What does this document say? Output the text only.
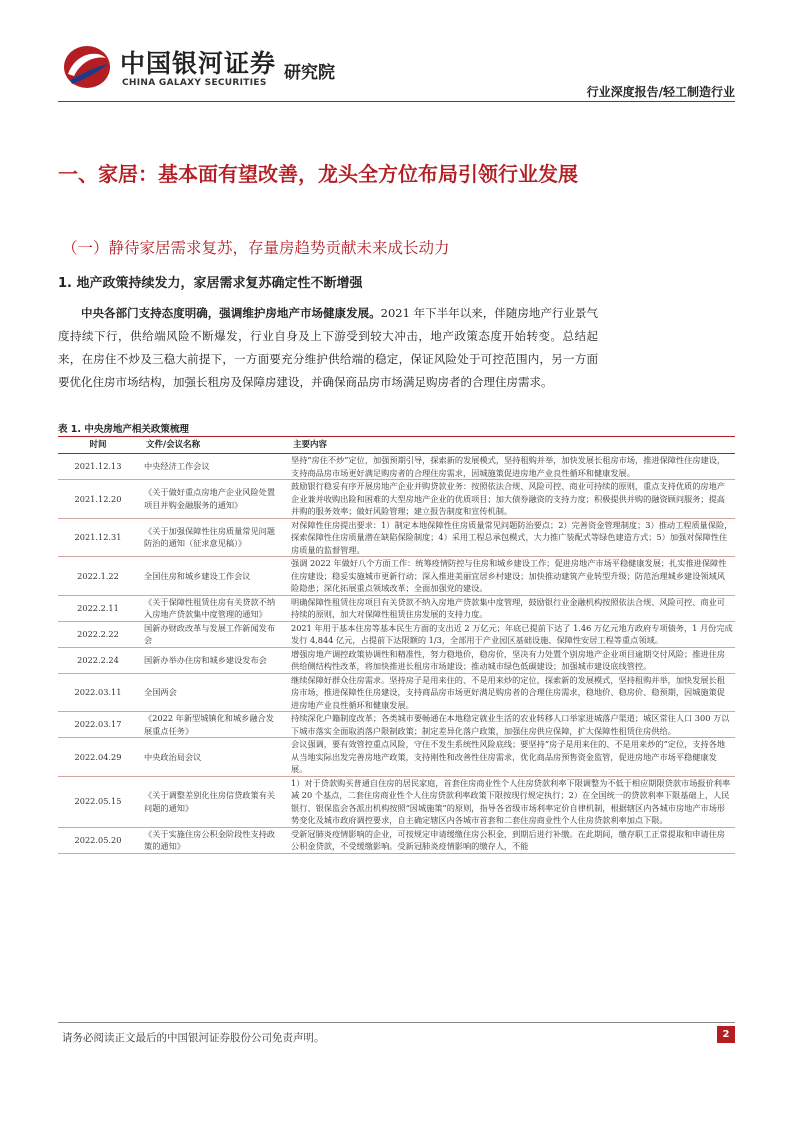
中国银河证券
CHINA GALAXY SECURITIES 研究院
行业深度报告/轻工制造行业
一、家居：基本面有望改善，龙头全方位布局引领行业发展
（一）静待家居需求复苏，存量房趋势贡献未来成长动力
1. 地产政策持续发力，家居需求复苏确定性不断增强

中央各部门支持态度明确，强调维护房地产市场健康发展。2021 年下半年以来，伴随房地产行业景气度持续下行，供给端风险不断爆发，行业自身及上下游受到较大冲击，地产政策态度开始转变。总结起来，在房住不炒及三稳大前提下，一方面要充分维护供给端的稳定，保证风险处于可控范围内，另一方面要优化住房市场结构，加强长租房及保障房建设，并确保商品房市场满足购房者的合理住房需求。

表 1. 中央房地产相关政策梳理
时间	文件/会议名称	主要内容
2021.12.13	中央经济工作会议	坚持“房住不炒”定位，加强预期引导，探索新的发展模式，坚持租购并举，加快发展长租房市场，推进保障性住房建设，支持商品房市场更好满足购房者的合理住房需求，因城施策促进房地产业良性循环和健康发展。
2021.12.20	《关于做好重点房地产企业风险处置项目并购金融服务的通知》	鼓励银行稳妥有序开展房地产企业并购贷款业务：按照依法合规、风险可控、商业可持续的原则，重点支持优质的房地产企业兼并收购出险和困难的大型房地产企业的优质项目；加大债券融资的支持力度；积极提供并购的融资顾问服务；提高并购的服务效率；做好风险管理；建立报告制度和宣传机制。
2021.12.31	《关于加强保障性住房质量常见问题防治的通知（征求意见稿）》	对保障性住房提出要求：1）制定本地保障性住房质量常见问题防治要点；2）完善资金管理制度；3）推动工程质量保险，探索保障性住房质量潜在缺陷保险制度；4）采用工程总承包模式，大力推广装配式等绿色建造方式；5）加强对保障性住房质量的监督管理。
2022.1.22	全国住房和城乡建设工作会议	强调 2022 年做好八个方面工作：统筹疫情防控与住房和城乡建设工作；促进房地产市场平稳健康发展；扎实推进保障性住房建设；稳妥实施城市更新行动；深入推进美丽宜居乡村建设；加快推动建筑产业转型升级；防范治理城乡建设领域风险隐患；深化拓展重点领域改革；全面加强党的建设。
2022.2.11	《关于保障性租赁住房有关贷款不纳入房地产贷款集中度管理的通知》	明确保障性租赁住房项目有关贷款不纳入房地产贷款集中度管理，鼓励银行业金融机构按照依法合规、风险可控、商业可持续的原则，加大对保障性租赁住房发展的支持力度。
2022.2.22	国新办财政改革与发展工作新闻发布会	2021 年用于基本住房等基本民生方面的支出近 2 万亿元；年底已提前下达了 1.46 万亿元地方政府专项债务，1 月份完成发行 4,844 亿元，占提前下达限额的 1/3，全部用于产业园区基础设施、保障性安居工程等重点领域。
2022.2.24	国新办举办住房和城乡建设发布会	增强房地产调控政策协调性和精准性，努力稳地价，稳房价，坚决有力处置个别房地产企业项目逾期交付风险；推进住房供给侧结构性改革，将加快推进长租房市场建设；推动城市绿色低碳建设；加强城市建设底线管控。
2022.03.11	全国两会	继续保障好群众住房需求。坚持房子是用来住的、不是用来炒的定位，探索新的发展模式，坚持租购并举，加快发展长租房市场，推进保障性住房建设，支持商品房市场更好满足购房者的合理住房需求，稳地价、稳房价、稳预期，因城施策促进房地产业良性循环和健康发展。
2022.03.17	《2022 年新型城镇化和城乡融合发展重点任务》	持续深化户籍制度改革；各类城市要畅通在本地稳定就业生活的农业转移人口举家进城落户渠道；城区常住人口 300 万以下城市落实全面取消落户限制政策；制定差异化落户政策，加强住房供应保障，扩大保障性租赁住房供给。
2022.04.29	中央政治局会议	会议强调，要有效管控重点风险，守住不发生系统性风险底线；要坚持“房子是用来住的、不是用来炒的”定位，支持各地从当地实际出发完善房地产政策，支持刚性和改善性住房需求，优化商品房预售资金监管，促进房地产市场平稳健康发展。
2022.05.15	《关于调整差别化住房信贷政策有关问题的通知》	1）对于贷款购买普通自住房的居民家庭，首套住房商业性个人住房贷款利率下限调整为不低于相应期限贷款市场报价利率减 20 个基点，二套住房商业性个人住房贷款利率政策下限按现行规定执行；2）在全国统一的贷款利率下限基础上，人民银行、银保监会各派出机构按照“因城施策”的原则，指导各省级市场利率定价自律机制，根据辖区内各城市房地产市场形势变化及城市政府调控要求，自主确定辖区内各城市首套和二套住房商业性个人住房贷款利率加点下限。
2022.05.20	《关于实施住房公积金阶段性支持政策的通知》	受新冠肺炎疫情影响的企业，可按规定申请缓缴住房公积金，到期后进行补缴。在此期间，缴存职工正常提取和申请住房公积金贷款，不受缓缴影响。受新冠肺炎疫情影响的缴存人，不能
请务必阅读正文最后的中国银河证券股份公司免责声明。	2
